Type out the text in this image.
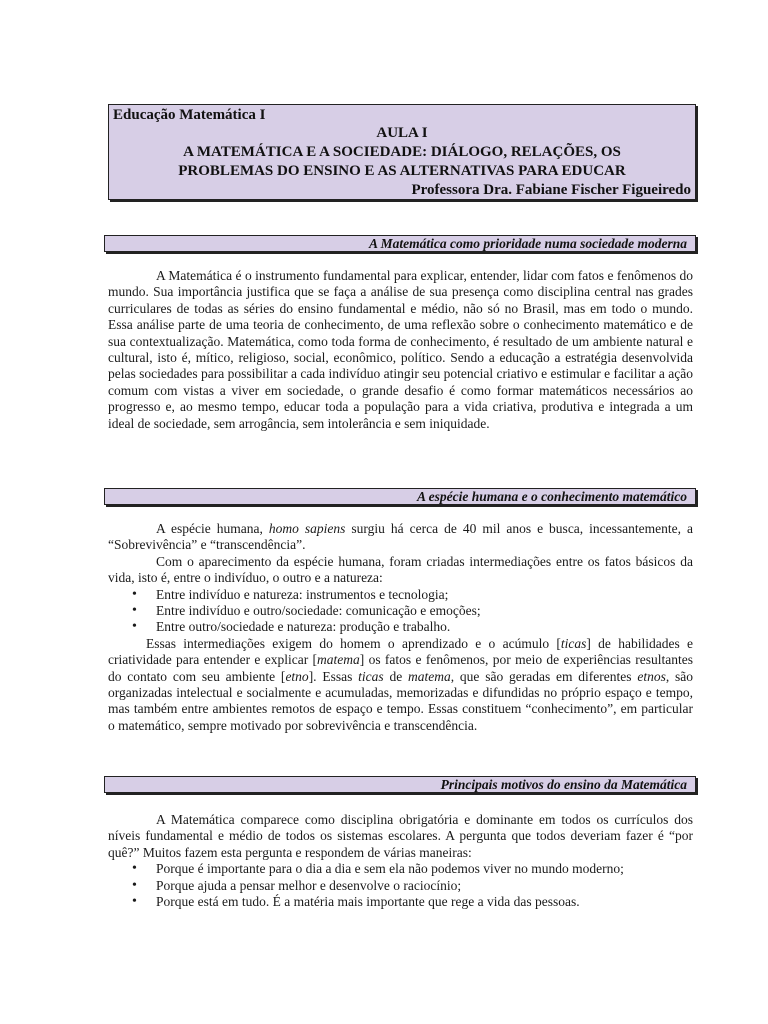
Educação Matemática I
AULA I
A MATEMÁTICA E A SOCIEDADE: DIÁLOGO, RELAÇÕES, OS
PROBLEMAS DO ENSINO E AS ALTERNATIVAS PARA EDUCAR
Professora Dra. Fabiane Fischer Figueiredo
A Matemática como prioridade numa sociedade moderna

A Matemática é o instrumento fundamental para explicar, entender, lidar com fatos e fenômenos do mundo. Sua importância justifica que se faça a análise de sua presença como disciplina central nas grades curriculares de todas as séries do ensino fundamental e médio, não só no Brasil, mas em todo o mundo. Essa análise parte de uma teoria de conhecimento, de uma reflexão sobre o conhecimento matemático e de sua contextualização. Matemática, como toda forma de conhecimento, é resultado de um ambiente natural e cultural, isto é, mítico, religioso, social, econômico, político. Sendo a educação a estratégia desenvolvida pelas sociedades para possibilitar a cada indivíduo atingir seu potencial criativo e estimular e facilitar a ação comum com vistas a viver em sociedade, o grande desafio é como formar matemáticos necessários ao progresso e, ao mesmo tempo, educar toda a população para a vida criativa, produtiva e integrada a um ideal de sociedade, sem arrogância, sem intolerância e sem iniquidade.

A espécie humana e o conhecimento matemático

A espécie humana, homo sapiens surgiu há cerca de 40 mil anos e busca, incessantemente, a “Sobrevivência” e “transcendência”.

Com o aparecimento da espécie humana, foram criadas intermediações entre os fatos básicos da vida, isto é, entre o indivíduo, o outro e a natureza:

• Entre indivíduo e natureza: instrumentos e tecnologia;
• Entre indivíduo e outro/sociedade: comunicação e emoções;
• Entre outro/sociedade e natureza: produção e trabalho.

Essas intermediações exigem do homem o aprendizado e o acúmulo [ticas] de habilidades e criatividade para entender e explicar [matema] os fatos e fenômenos, por meio de experiências resultantes do contato com seu ambiente [etno]. Essas ticas de matema, que são geradas em diferentes etnos, são organizadas intelectual e socialmente e acumuladas, memorizadas e difundidas no próprio espaço e tempo, mas também entre ambientes remotos de espaço e tempo. Essas constituem “conhecimento”, em particular o matemático, sempre motivado por sobrevivência e transcendência.

Principais motivos do ensino da Matemática

A Matemática comparece como disciplina obrigatória e dominante em todos os currículos dos níveis fundamental e médio de todos os sistemas escolares. A pergunta que todos deveriam fazer é “por quê?” Muitos fazem esta pergunta e respondem de várias maneiras:

• Porque é importante para o dia a dia e sem ela não podemos viver no mundo moderno;
• Porque ajuda a pensar melhor e desenvolve o raciocínio;
• Porque está em tudo. É a matéria mais importante que rege a vida das pessoas.
